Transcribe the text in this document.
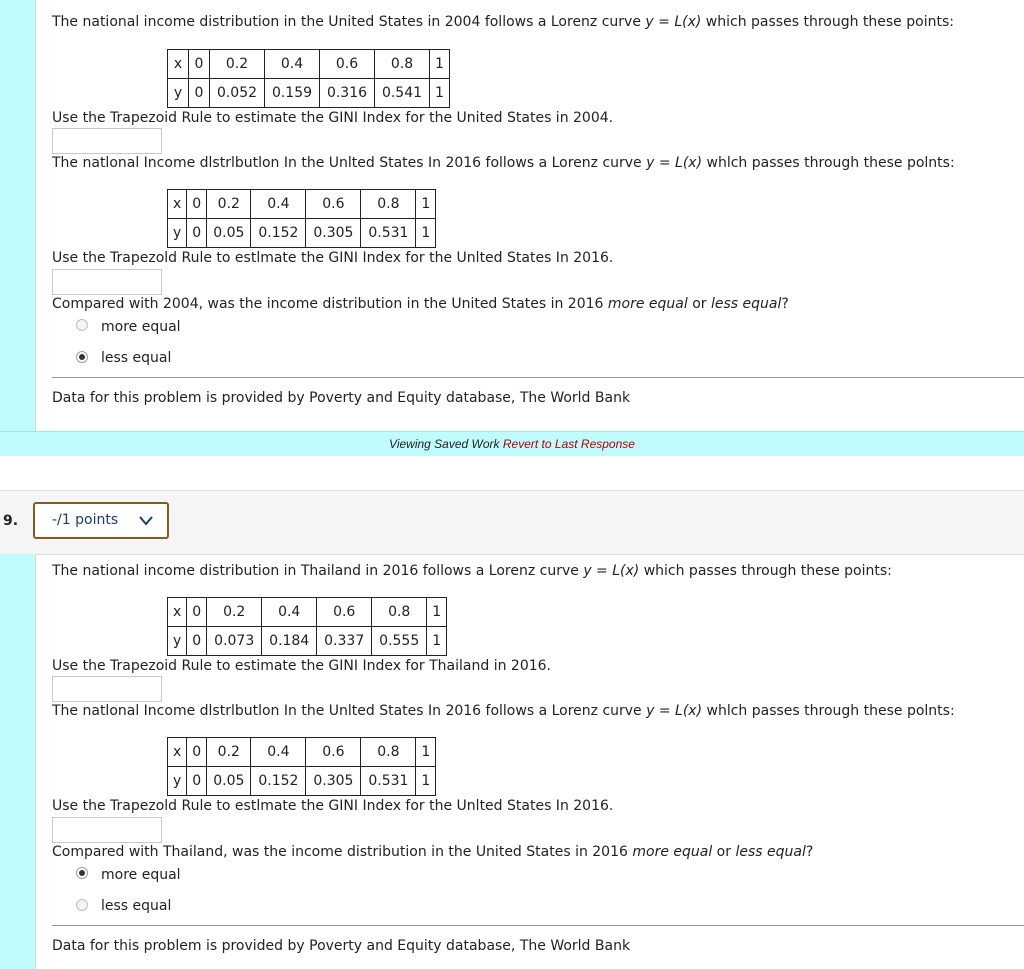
The national income distribution in the United States in 2004 follows a Lorenz curve y = L(x) which passes through these points:
x	0	0.2	0.4	0.6	0.8	1
y	0	0.052	0.159	0.316	0.541	1
Use the Trapezoid Rule to estimate the GINI Index for the United States in 2004.
The natlonal Income dlstrlbutlon In the Unlted States In 2016 follows a Lorenz curve y = L(x) whlch passes through these polnts:
x	0	0.2	0.4	0.6	0.8	1
y	0	0.05	0.152	0.305	0.531	1
Use the Trapezold Rule to estlmate the GINI Index for the Unlted States In 2016.
Compared with 2004, was the income distribution in the United States in 2016 more equal or less equal?
more equal
less equal
Data for this problem is provided by Poverty and Equity database, The World Bank
Viewing Saved Work Revert to Last Response
9.	-/1 points
The national income distribution in Thailand in 2016 follows a Lorenz curve y = L(x) which passes through these points:
x	0	0.2	0.4	0.6	0.8	1
y	0	0.073	0.184	0.337	0.555	1
Use the Trapezoid Rule to estimate the GINI Index for Thailand in 2016.
The natlonal Income dlstrlbutlon In the Unlted States In 2016 follows a Lorenz curve y = L(x) whlch passes through these polnts:
x	0	0.2	0.4	0.6	0.8	1
y	0	0.05	0.152	0.305	0.531	1
Use the Trapezold Rule to estlmate the GINI Index for the Unlted States In 2016.
Compared with Thailand, was the income distribution in the United States in 2016 more equal or less equal?
more equal
less equal
Data for this problem is provided by Poverty and Equity database, The World Bank
